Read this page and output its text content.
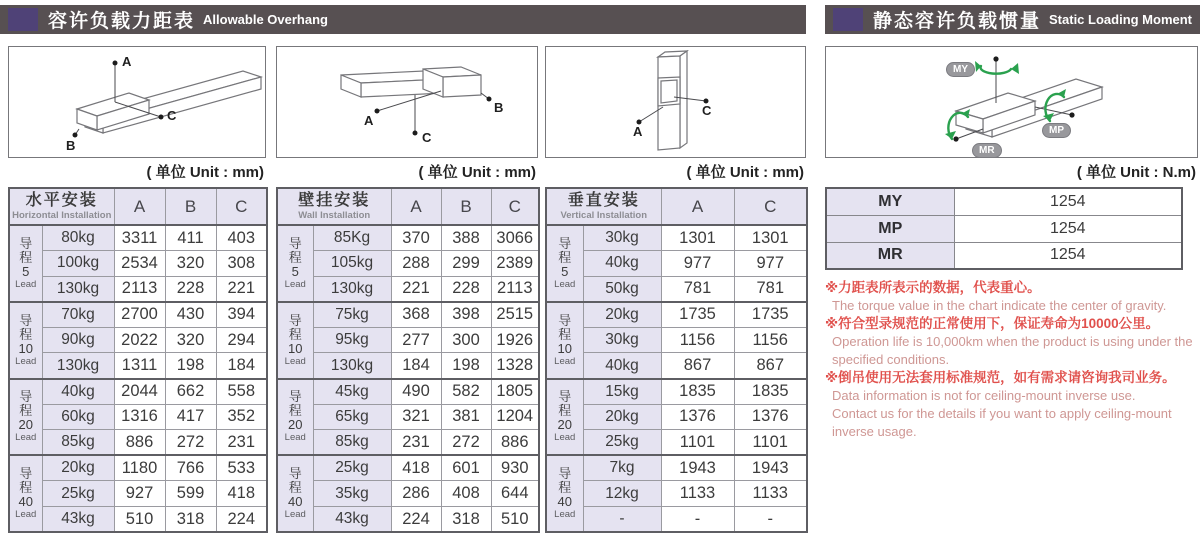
容许负载力距表 Allowable Overhang	静态容许负载惯量 Static Loading Moment
A
C
B
( 单位 Unit : mm)
水平安装
Horizontal Installation		A	B	C

导
程
5
Lead	80kg	3311	411	403
	100kg	2534	320	308
	130kg	2113	228	221

导
程
10
Lead	70kg	2700	430	394
	90kg	2022	320	294
	130kg	1311	198	184

导
程
20
Lead	40kg	2044	662	558
	60kg	1316	417	352
	85kg	886	272	231

导
程
40
Lead	20kg	1180	766	533
	25kg	927	599	418
	43kg	510	318	224
B
A
C
( 单位 Unit : mm)
壁挂安装
Wall Installation		A	B	C

导
程
5
Lead	85Kg	370	388	3066
	105kg	288	299	2389
	130kg	221	228	2113

导
程
10
Lead	75kg	368	398	2515
	95kg	277	300	1926
	130kg	184	198	1328

导
程
20
Lead	45kg	490	582	1805
	65kg	321	381	1204
	85kg	231	272	886

导
程
40
Lead	25kg	418	601	930
	35kg	286	408	644
	43kg	224	318	510
A
C
( 单位 Unit : mm)
垂直安装
Vertical Installation		A	C

导
程
5
Lead	30kg	1301	1301
	40kg	977	977
	50kg	781	781

导
程
10
Lead	20kg	1735	1735
	30kg	1156	1156
	40kg	867	867

导
程
20
Lead	15kg	1835	1835
	20kg	1376	1376
	25kg	1101	1101

导
程
40
Lead	7kg	1943	1943
	12kg	1133	1133
	-	-	-
MY
MP
MR
( 单位 Unit : N.m)
MY	1254
MP	1254
MR	1254
※力距表所表示的数据，代表重心。
The torque value in the chart indicate the center of gravity.
※符合型录规范的正常使用下，保证寿命为10000公里。
Operation life is 10,000km when the product is using under the
specified conditions.
※倒吊使用无法套用标准规范，如有需求请咨询我司业务。
Data information is not for ceiling-mount inverse use.
Contact us for the details if you want to apply ceiling-mount
inverse usage.
